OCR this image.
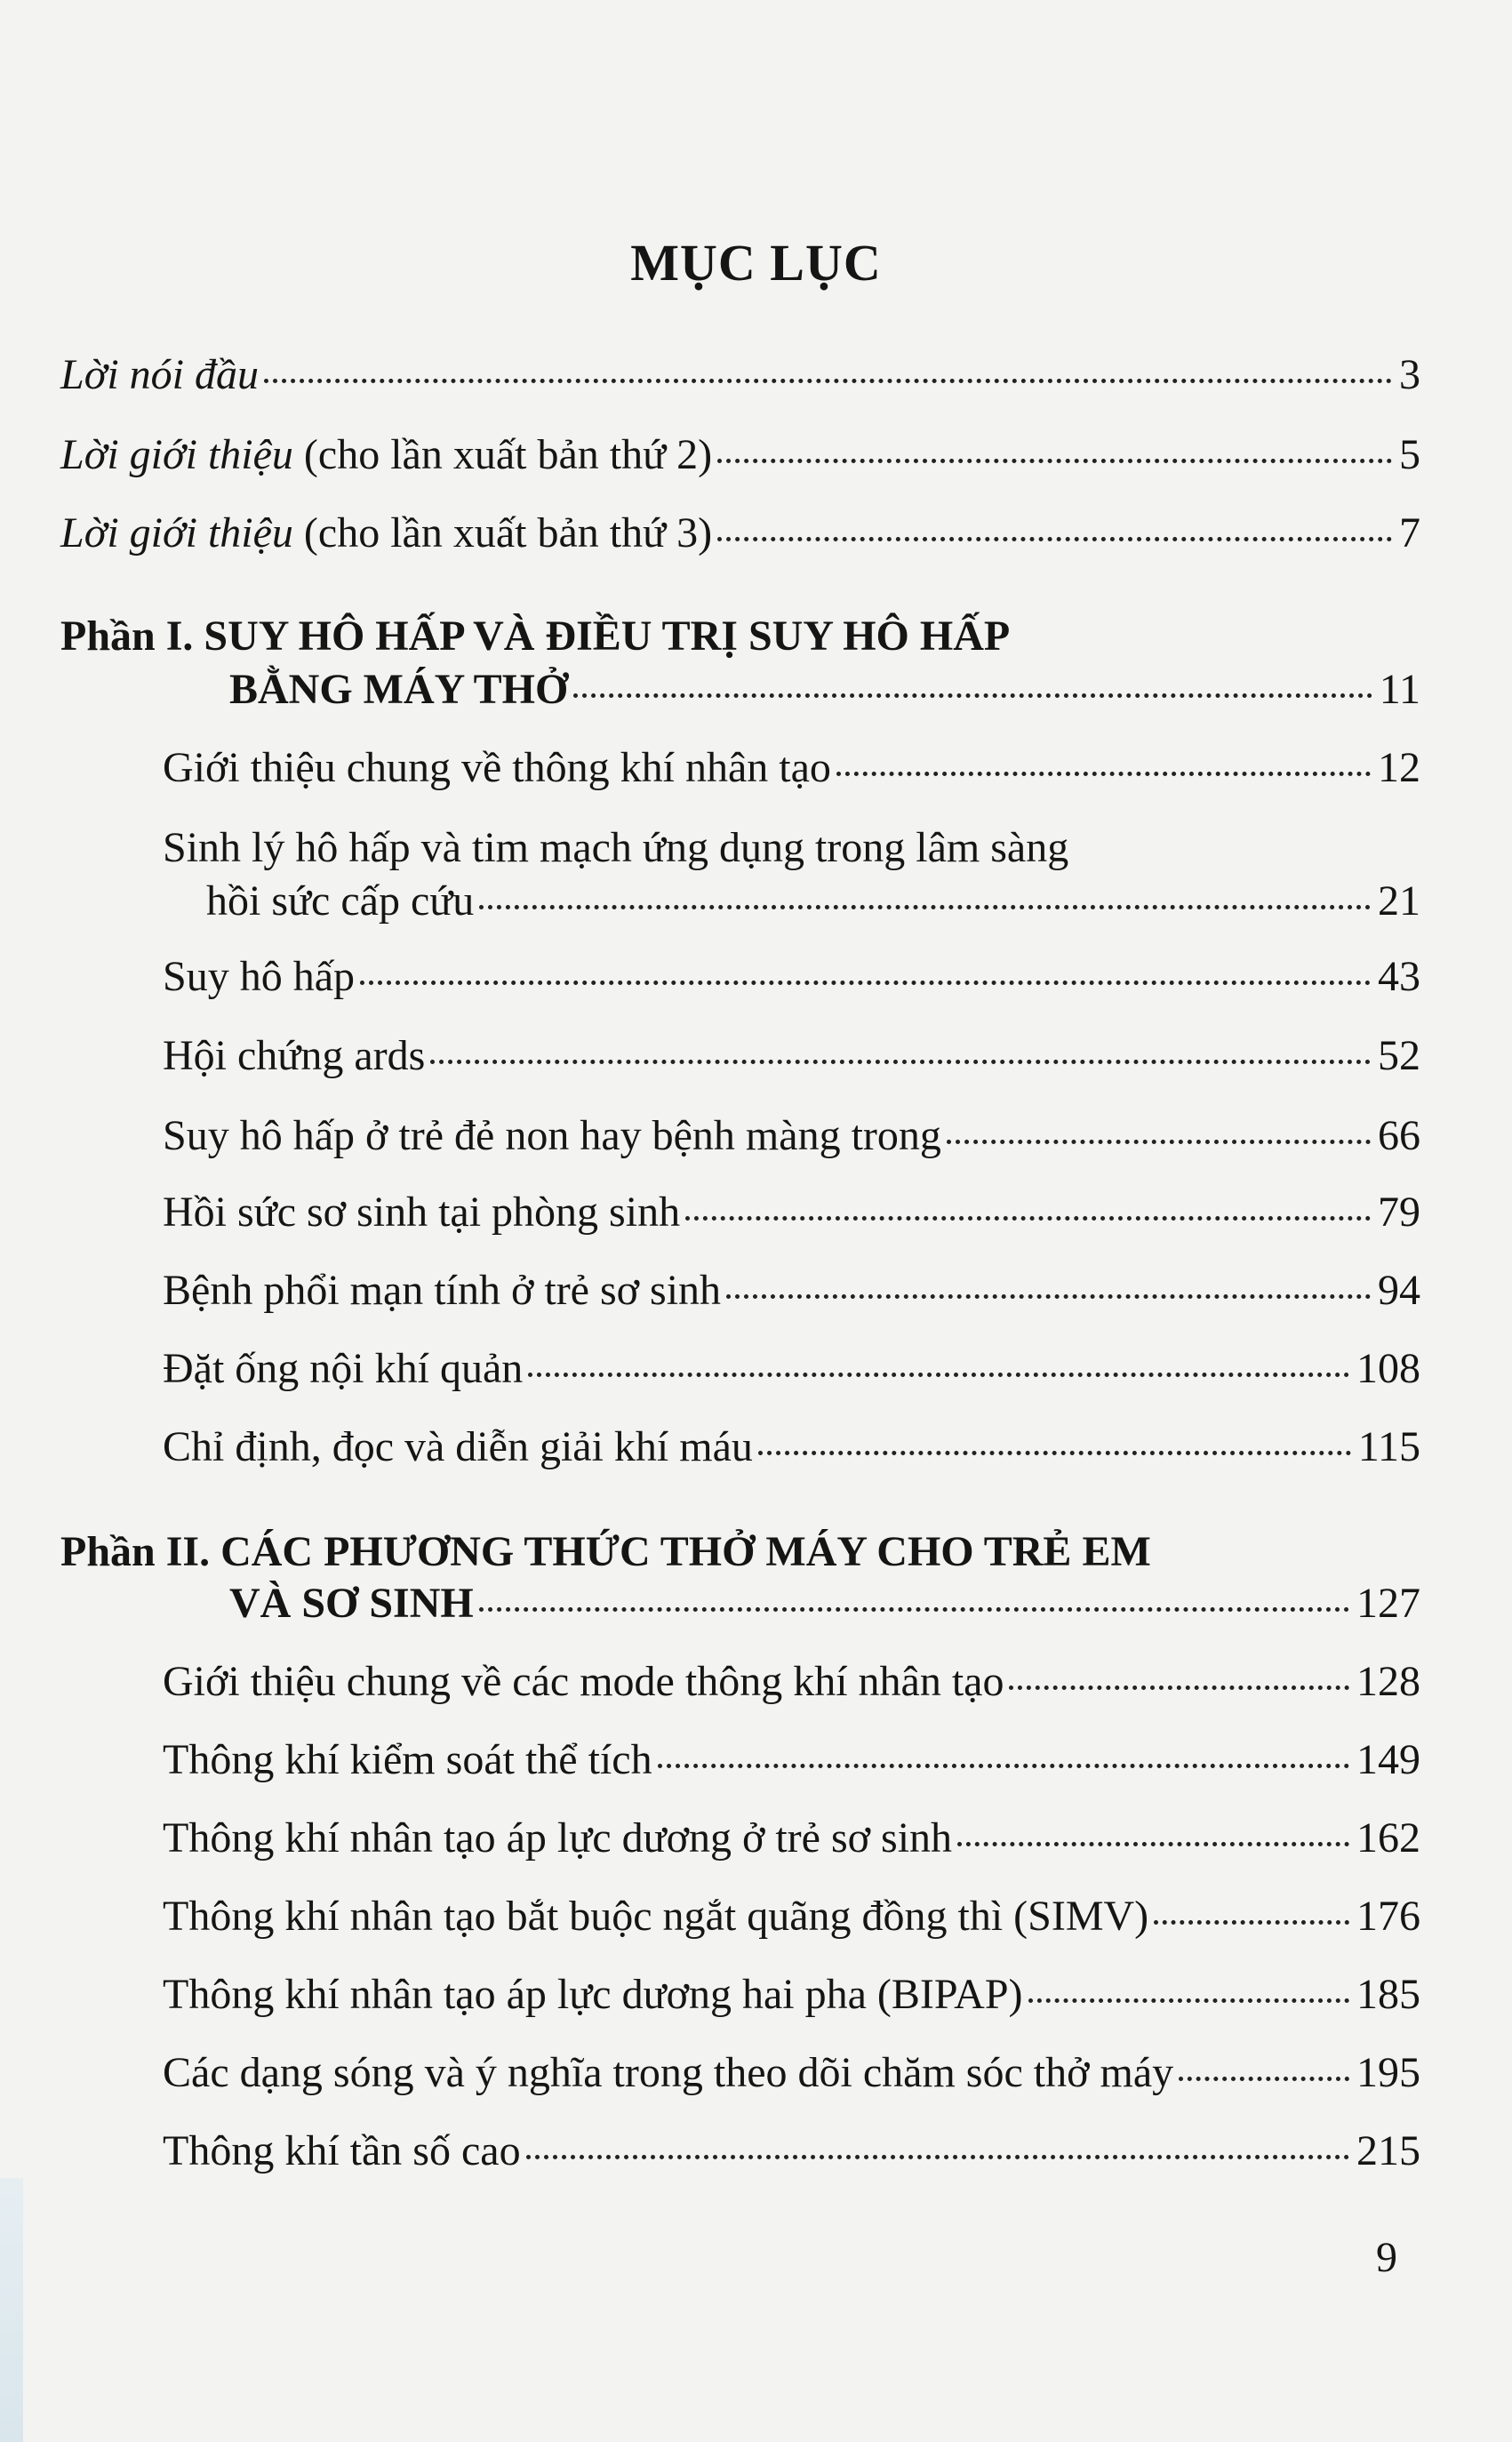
MỤC LỤC
Lời nói đầu	3
Lời giới thiệu (cho lần xuất bản thứ 2)	5
Lời giới thiệu (cho lần xuất bản thứ 3)	7
Phần I. SUY HÔ HẤP VÀ ĐIỀU TRỊ SUY HÔ HẤP
BẰNG MÁY THỞ	11
Giới thiệu chung về thông khí nhân tạo	12
Sinh lý hô hấp và tim mạch ứng dụng trong lâm sàng
hồi sức cấp cứu	21
Suy hô hấp	43
Hội chứng ards	52
Suy hô hấp ở trẻ đẻ non hay bệnh màng trong	66
Hồi sức sơ sinh tại phòng sinh	79
Bệnh phổi mạn tính ở trẻ sơ sinh	94
Đặt ống nội khí quản	108
Chỉ định, đọc và diễn giải khí máu	115
Phần II. CÁC PHƯƠNG THỨC THỞ MÁY CHO TRẺ EM
VÀ SƠ SINH	127
Giới thiệu chung về các mode thông khí nhân tạo	128
Thông khí kiểm soát thể tích	149
Thông khí nhân tạo áp lực dương ở trẻ sơ sinh	162
Thông khí nhân tạo bắt buộc ngắt quãng đồng thì (SIMV)	176
Thông khí nhân tạo áp lực dương hai pha (BIPAP)	185
Các dạng sóng và ý nghĩa trong theo dõi chăm sóc thở máy	195
Thông khí tần số cao	215
9
